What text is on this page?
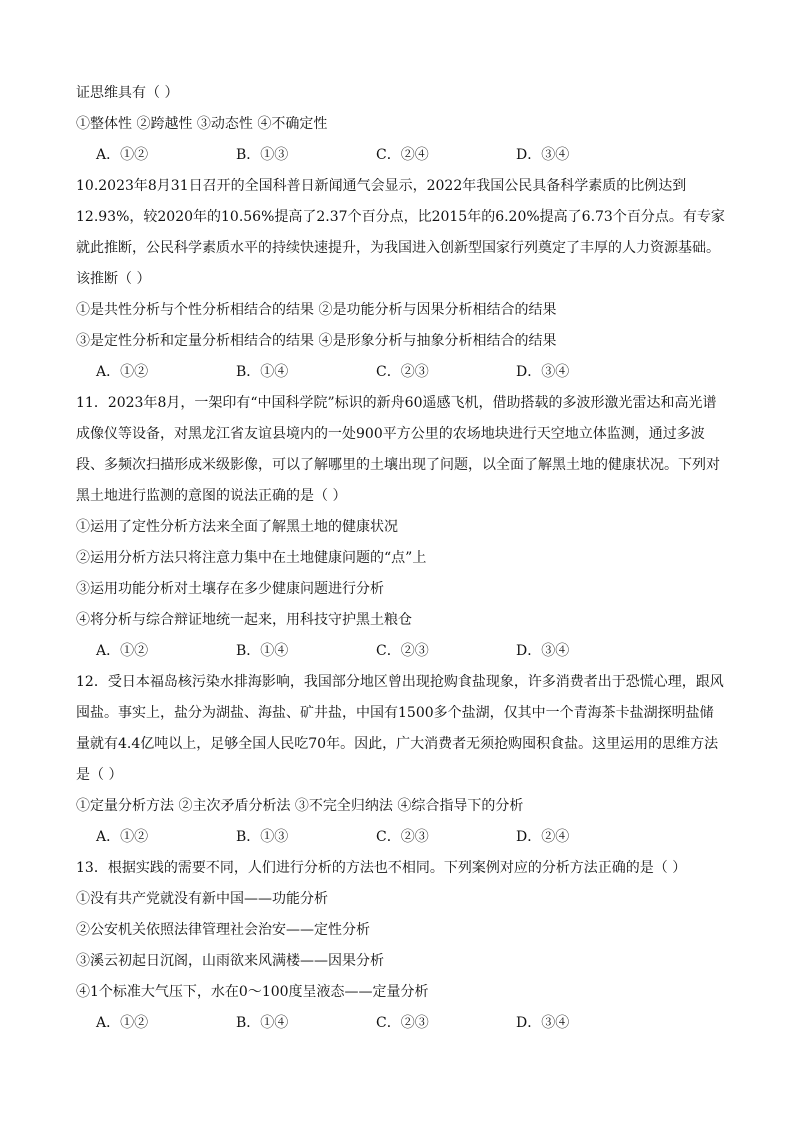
证思维具有（ ）
①整体性 ②跨越性 ③动态性 ④不确定性
A．①②	B．①③	C．②④	D．③④
10.2023年8月31日召开的全国科普日新闻通气会显示，2022年我国公民具备科学素质的比例达到12.93%，较2020年的10.56%提高了2.37个百分点，比2015年的6.20%提高了6.73个百分点。有专家就此推断，公民科学素质水平的持续快速提升，为我国进入创新型国家行列奠定了丰厚的人力资源基础。该推断（ ）
①是共性分析与个性分析相结合的结果 ②是功能分析与因果分析相结合的结果
③是定性分析和定量分析相结合的结果 ④是形象分析与抽象分析相结合的结果
A．①②	B．①④	C．②③	D．③④
11．2023年8月，一架印有“中国科学院”标识的新舟60遥感飞机，借助搭载的多波形激光雷达和高光谱成像仪等设备，对黑龙江省友谊县境内的一处900平方公里的农场地块进行天空地立体监测，通过多波段、多频次扫描形成米级影像，可以了解哪里的土壤出现了问题，以全面了解黑土地的健康状况。下列对黑土地进行监测的意图的说法正确的是（ ）
①运用了定性分析方法来全面了解黑土地的健康状况
②运用分析方法只将注意力集中在土地健康问题的“点”上
③运用功能分析对土壤存在多少健康问题进行分析
④将分析与综合辩证地统一起来，用科技守护黑土粮仓
A．①②	B．①④	C．②③	D．③④
12．受日本福岛核污染水排海影响，我国部分地区曾出现抢购食盐现象，许多消费者出于恐慌心理，跟风囤盐。事实上，盐分为湖盐、海盐、矿井盐，中国有1500多个盐湖，仅其中一个青海茶卡盐湖探明盐储量就有4.4亿吨以上，足够全国人民吃70年。因此，广大消费者无须抢购囤积食盐。这里运用的思维方法是（ ）
①定量分析方法 ②主次矛盾分析法 ③不完全归纳法 ④综合指导下的分析
A．①②	B．①③	C．②③	D．②④
13．根据实践的需要不同，人们进行分析的方法也不相同。下列案例对应的分析方法正确的是（ ）
①没有共产党就没有新中国——功能分析
②公安机关依照法律管理社会治安——定性分析
③溪云初起日沉阁，山雨欲来风满楼——因果分析
④1个标准大气压下，水在0～100度呈液态——定量分析
A．①②	B．①④	C．②③	D．③④
